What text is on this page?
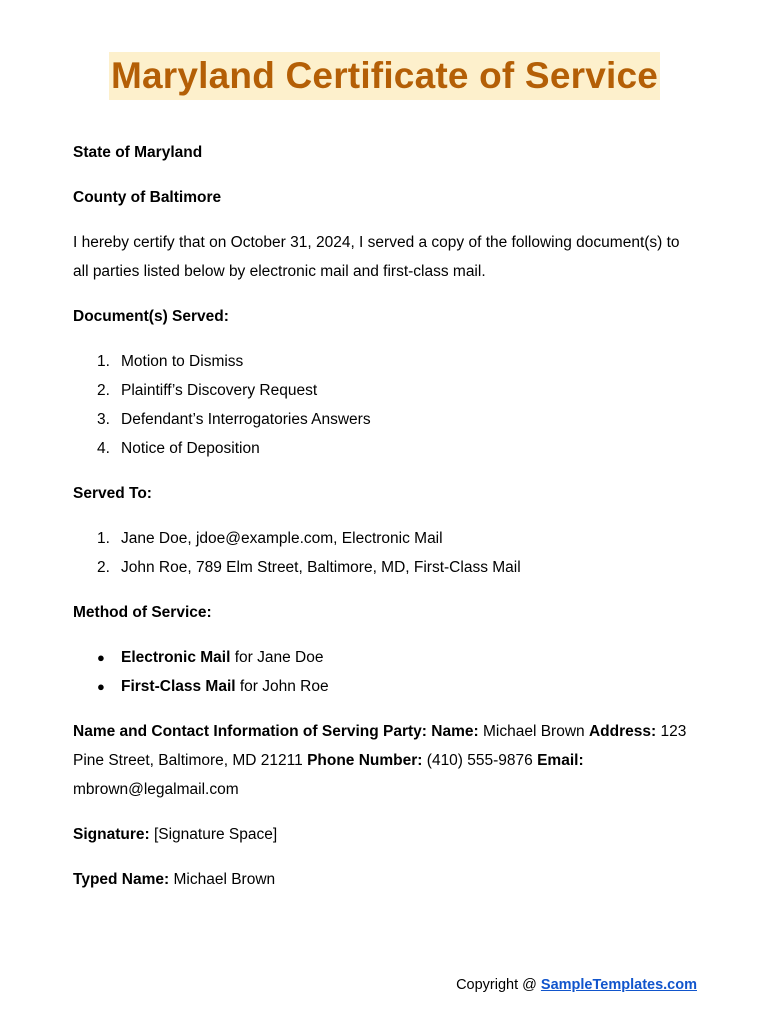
Maryland Certificate of Service

State of Maryland

County of Baltimore

I hereby certify that on October 31, 2024, I served a copy of the following document(s) to all parties listed below by electronic mail and first-class mail.

Document(s) Served:

1. Motion to Dismiss
2. Plaintiff’s Discovery Request
3. Defendant’s Interrogatories Answers
4. Notice of Deposition

Served To:

1. Jane Doe, jdoe@example.com, Electronic Mail
2. John Roe, 789 Elm Street, Baltimore, MD, First-Class Mail

Method of Service:

● Electronic Mail for Jane Doe
● First-Class Mail for John Roe

Name and Contact Information of Serving Party: Name: Michael Brown Address: 123 Pine Street, Baltimore, MD 21211 Phone Number: (410) 555-9876 Email: mbrown@legalmail.com

Signature: [Signature Space]

Typed Name: Michael Brown

Copyright @ SampleTemplates.com
